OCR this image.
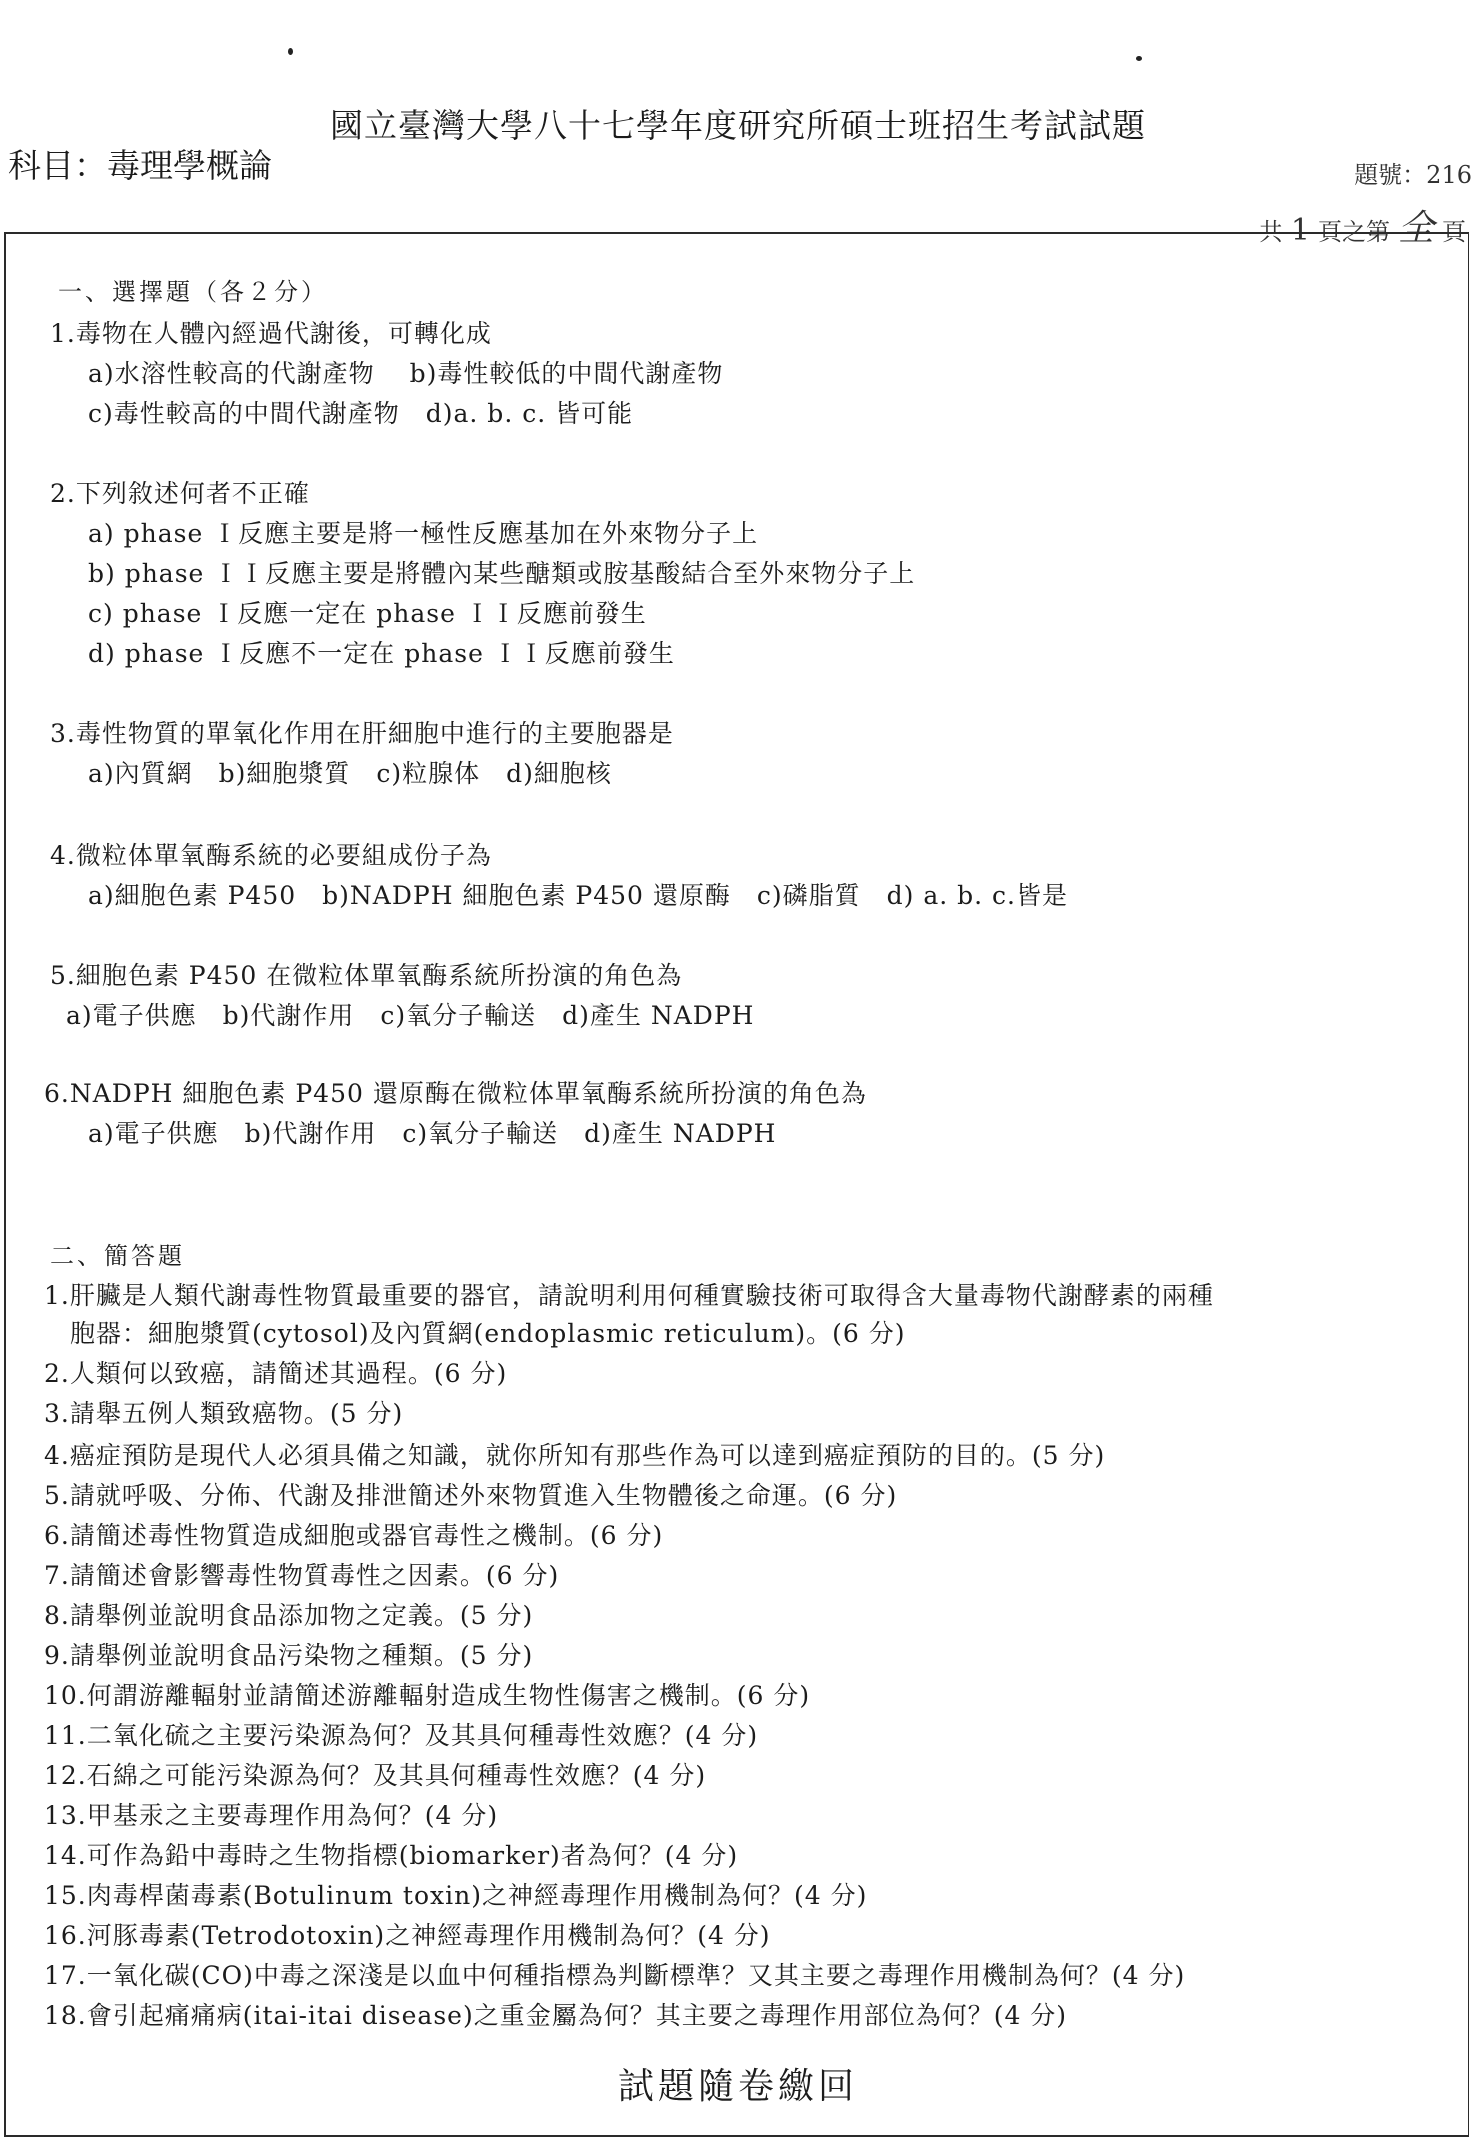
國立臺灣大學八十七學年度研究所碩士班招生考試試題
科目：毒理學概論	題號：216
共 1 頁之第 全 頁
一、選擇題（各２分）
1.毒物在人體內經過代謝後，可轉化成
a)水溶性較高的代謝產物　 b)毒性較低的中間代謝產物
c)毒性較高的中間代謝產物　d)a. b. c. 皆可能
2.下列敘述何者不正確
a) phase Ｉ反應主要是將一極性反應基加在外來物分子上
b) phase ＩＩ反應主要是將體內某些醣類或胺基酸結合至外來物分子上
c) phase Ｉ反應一定在 phase ＩＩ反應前發生
d) phase Ｉ反應不一定在 phase ＩＩ反應前發生
3.毒性物質的單氧化作用在肝細胞中進行的主要胞器是
a)內質網　b)細胞漿質　c)粒腺体　d)細胞核
4.微粒体單氧酶系統的必要組成份子為
a)細胞色素 P450　b)NADPH 細胞色素 P450 還原酶　c)磷脂質　d) a. b. c.皆是
5.細胞色素 P450 在微粒体單氧酶系統所扮演的角色為
a)電子供應　b)代謝作用　c)氧分子輸送　d)產生 NADPH
6.NADPH 細胞色素 P450 還原酶在微粒体單氧酶系統所扮演的角色為
a)電子供應　b)代謝作用　c)氧分子輸送　d)產生 NADPH
二、簡答題
1.肝臟是人類代謝毒性物質最重要的器官，請說明利用何種實驗技術可取得含大量毒物代謝酵素的兩種
　胞器：細胞漿質(cytosol)及內質網(endoplasmic reticulum)。(6 分)
2.人類何以致癌，請簡述其過程。(6 分)
3.請舉五例人類致癌物。(5 分)
4.癌症預防是現代人必須具備之知識，就你所知有那些作為可以達到癌症預防的目的。(5 分)
5.請就呼吸、分佈、代謝及排泄簡述外來物質進入生物體後之命運。(6 分)
6.請簡述毒性物質造成細胞或器官毒性之機制。(6 分)
7.請簡述會影響毒性物質毒性之因素。(6 分)
8.請舉例並說明食品添加物之定義。(5 分)
9.請舉例並說明食品污染物之種類。(5 分)
10.何謂游離輻射並請簡述游離輻射造成生物性傷害之機制。(6 分)
11.二氧化硫之主要污染源為何？及其具何種毒性效應？(4 分)
12.石綿之可能污染源為何？及其具何種毒性效應？(4 分)
13.甲基汞之主要毒理作用為何？(4 分)
14.可作為鉛中毒時之生物指標(biomarker)者為何？(4 分)
15.肉毒桿菌毒素(Botulinum toxin)之神經毒理作用機制為何？(4 分)
16.河豚毒素(Tetrodotoxin)之神經毒理作用機制為何？(4 分)
17.一氧化碳(CO)中毒之深淺是以血中何種指標為判斷標準？又其主要之毒理作用機制為何？(4 分)
18.會引起痛痛病(itai-itai disease)之重金屬為何？其主要之毒理作用部位為何？(4 分)
試題隨卷繳回
